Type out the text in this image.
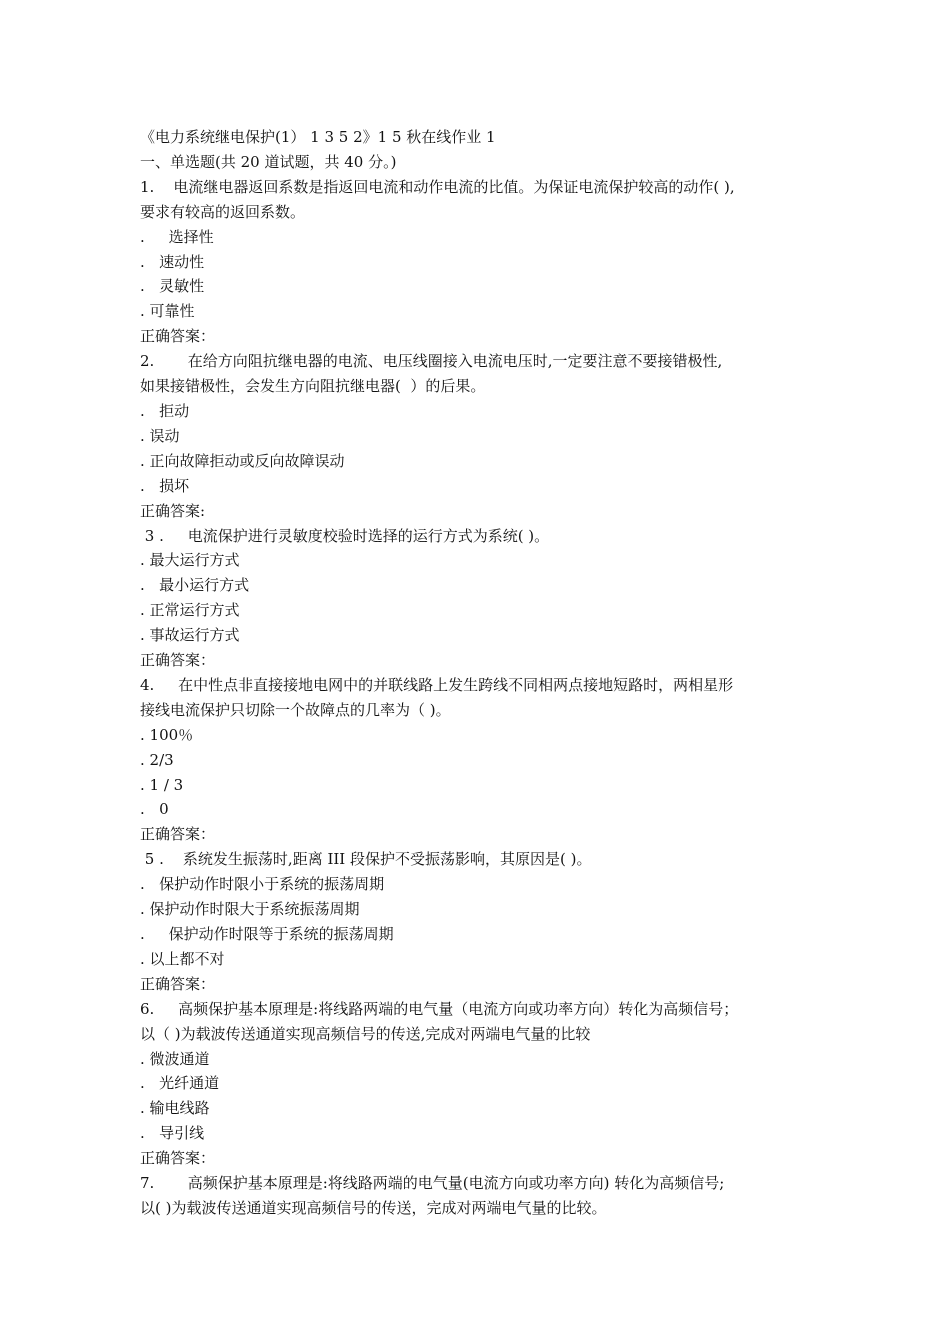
《电力系统继电保护(1） 1 3 5 2》1 5 秋在线作业 1
一、单选题(共 20 道试题，共 40 分。)
1.    电流继电器返回系数是指返回电流和动作电流的比值。为保证电流保护较高的动作( ),
要求有较高的返回系数。
.     选择性
.   速动性
.   灵敏性
. 可靠性
正确答案：
2.       在给方向阻抗继电器的电流、电压线圈接入电流电压时,一定要注意不要接错极性,
如果接错极性，会发生方向阻抗继电器(  ）的后果。
.   拒动
. 误动
. 正向故障拒动或反向故障误动
.   损坏
正确答案:
3 .     电流保护进行灵敏度校验时选择的运行方式为系统( )。
. 最大运行方式
.   最小运行方式
. 正常运行方式
. 事故运行方式
正确答案：
4.     在中性点非直接接地电网中的并联线路上发生跨线不同相两点接地短路时，两相星形
接线电流保护只切除一个故障点的几率为（ )。
. 100％
. 2/3
. 1 / 3
.   0
正确答案：
5 .    系统发生振荡时,距离 III 段保护不受振荡影响，其原因是( )。
.   保护动作时限小于系统的振荡周期
. 保护动作时限大于系统振荡周期
.     保护动作时限等于系统的振荡周期
. 以上都不对
正确答案：
6.     高频保护基本原理是:将线路两端的电气量（电流方向或功率方向）转化为高频信号；
以（ )为载波传送通道实现高频信号的传送,完成对两端电气量的比较
. 微波通道
.   光纤通道
. 输电线路
.   导引线
正确答案：
7.       高频保护基本原理是:将线路两端的电气量(电流方向或功率方向) 转化为高频信号;
以( )为载波传送通道实现高频信号的传送，完成对两端电气量的比较。
